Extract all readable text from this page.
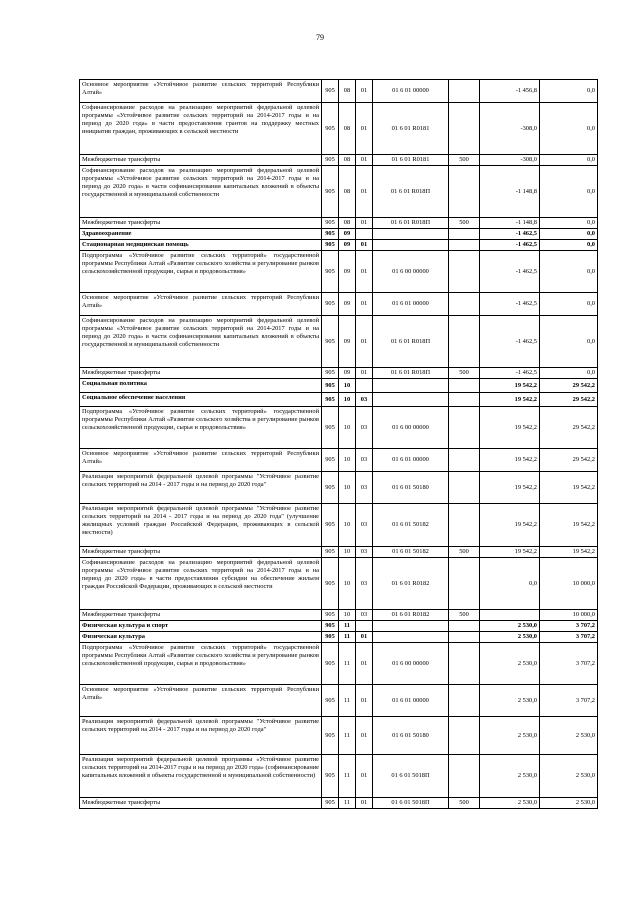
79
Основное мероприятие «Устойчивое развитие сельских территорий Республики Алтай»	905	08	01	01 6 01 00000		-1 456,8	0,0
Софинансирование расходов на реализацию мероприятий федеральной целевой программы «Устойчивое развитие сельских территорий на 2014-2017 годы и на период до 2020 года» в части предоставления грантов на поддержку местных инициатив граждан, проживающих в сельской местности	905	08	01	01 6 01 R0181		-308,0	0,0
Межбюджетные трансферты	905	08	01	01 6 01 R0181	500	-308,0	0,0
Софинансирование расходов на реализацию мероприятий федеральной целевой программы «Устойчивое развитие сельских территорий на 2014-2017 годы и на период до 2020 года» в части софинансирования капитальных вложений в объекты государственной и муниципальной собственности	905	08	01	01 6 01 R018П		-1 148,8	0,0
Межбюджетные трансферты	905	08	01	01 6 01 R018П	500	-1 148,8	0,0
Здравоохранение	905	09				-1 462,5	0,0
Стационарная медицинская помощь	905	09	01			-1 462,5	0,0
Подпрограмма «Устойчивое развитие сельских территорий» государственной программы Республики Алтай «Развитие сельского хозяйства и регулирование рынков сельскохозяйственной продукции, сырья и продовольствия»	905	09	01	01 6 00 00000		-1 462,5	0,0
Основное мероприятие «Устойчивое развитие сельских территорий Республики Алтай»	905	09	01	01 6 01 00000		-1 462,5	0,0
Софинансирование расходов на реализацию мероприятий федеральной целевой программы «Устойчивое развитие сельских территорий на 2014-2017 годы и на период до 2020 года» в части софинансирования капитальных вложений в объекты государственной и муниципальной собственности	905	09	01	01 6 01 R018П		-1 462,5	0,0
Межбюджетные трансферты	905	09	01	01 6 01 R018П	500	-1 462,5	0,0
Социальная политика	905	10				19 542,2	29 542,2
Социальное обеспечение населения	905	10	03			19 542,2	29 542,2
Подпрограмма «Устойчивое развитие сельских территорий» государственной программы Республики Алтай «Развитие сельского хозяйства и регулирование рынков сельскохозяйственной продукции, сырья и продовольствия»	905	10	03	01 6 00 00000		19 542,2	29 542,2
Основное мероприятие «Устойчивое развитие сельских территорий Республики Алтай»	905	10	03	01 6 01 00000		19 542,2	29 542,2
Реализация мероприятий федеральной целевой программы "Устойчивое развитие сельских территорий на 2014 - 2017 годы и на период до 2020 года"	905	10	03	01 6 01 50180		19 542,2	19 542,2
Реализация мероприятий федеральной целевой программы "Устойчивое развитие сельских территорий на 2014 - 2017 годы и на период до 2020 года" (улучшение жилищных условий граждан Российской Федерации, проживающих в сельской местности)	905	10	03	01 6 01 50182		19 542,2	19 542,2
Межбюджетные трансферты	905	10	03	01 6 01 50182	500	19 542,2	19 542,2
Софинансирование расходов на реализацию мероприятий федеральной целевой программы «Устойчивое развитие сельских территорий на 2014-2017 годы и на период до 2020 года» в части предоставления субсидии на обеспечение жильем граждан Российской Федерации, проживающих в сельской местности	905	10	03	01 6 01 R0182		0,0	10 000,0
Межбюджетные трансферты	905	10	03	01 6 01 R0182	500		10 000,0
Физическая культура и спорт	905	11				2 530,0	3 707,2
Физическая культура	905	11	01			2 530,0	3 707,2
Подпрограмма «Устойчивое развитие сельских территорий» государственной программы Республики Алтай «Развитие сельского хозяйства и регулирование рынков сельскохозяйственной продукции, сырья и продовольствия»	905	11	01	01 6 00 00000		2 530,0	3 707,2
Основное мероприятие «Устойчивое развитие сельских территорий Республики Алтай»	905	11	01	01 6 01 00000		2 530,0	3 707,2
Реализация мероприятий федеральной целевой программы "Устойчивое развитие сельских территорий на 2014 - 2017 годы и на период до 2020 года"	905	11	01	01 6 01 50180		2 530,0	2 530,0
Реализация мероприятий федеральной целевой программы «Устойчивое развитие сельских территорий на 2014-2017 годы и на период до 2020 года» (софинансирование капитальных вложений в объекты государственной и муниципальной собственности)	905	11	01	01 6 01 5018П		2 530,0	2 530,0
Межбюджетные трансферты	905	11	01	01 6 01 5018П	500	2 530,0	2 530,0
